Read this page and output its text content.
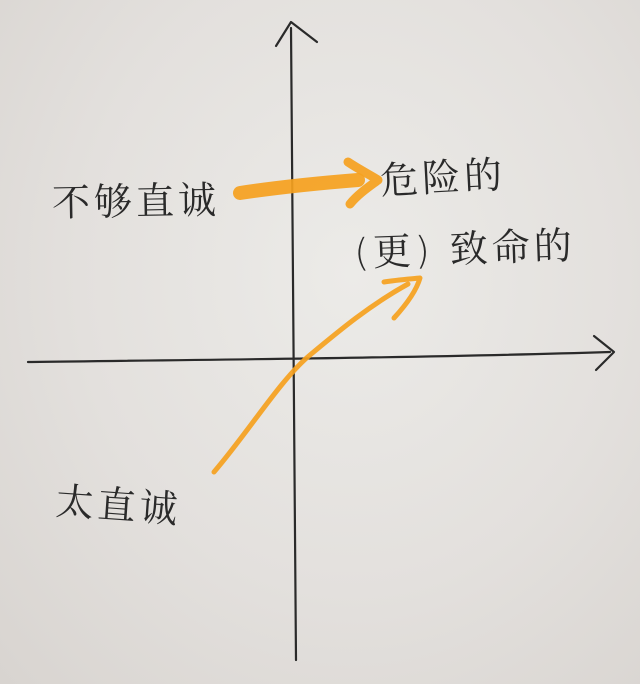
不够直诚	危险的
(更) 致命的
太直诚
